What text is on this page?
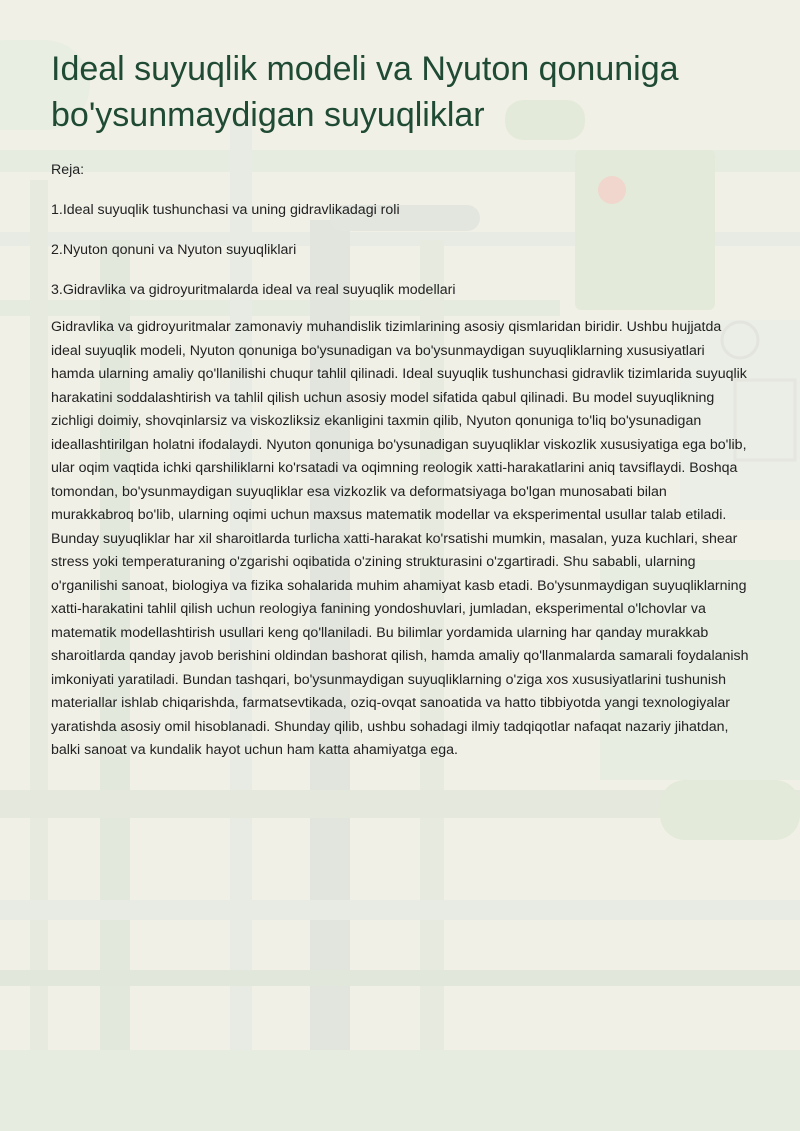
Ideal suyuqlik modeli va Nyuton qonuniga bo'ysunmaydigan suyuqliklar

Reja:

1.Ideal suyuqlik tushunchasi va uning gidravlikadagi roli

2.Nyuton qonuni va Nyuton suyuqliklari

3.Gidravlika va gidroyuritmalarda ideal va real suyuqlik modellari

Gidravlika va gidroyuritmalar zamonaviy muhandislik tizimlarining asosiy qismlaridan biridir. Ushbu hujjatda ideal suyuqlik modeli, Nyuton qonuniga bo'ysunadigan va bo'ysunmaydigan suyuqliklarning xususiyatlari hamda ularning amaliy qo'llanilishi chuqur tahlil qilinadi. Ideal suyuqlik tushunchasi gidravlik tizimlarida suyuqlik harakatini soddalashtirish va tahlil qilish uchun asosiy model sifatida qabul qilinadi. Bu model suyuqlikning zichligi doimiy, shovqinlarsiz va viskozliksiz ekanligini taxmin qilib, Nyuton qonuniga to'liq bo'ysunadigan ideallashtirilgan holatni ifodalaydi. Nyuton qonuniga bo'ysunadigan suyuqliklar viskozlik xususiyatiga ega bo'lib, ular oqim vaqtida ichki qarshiliklarni ko'rsatadi va oqimning reologik xatti-harakatlarini aniq tavsiflaydi. Boshqa tomondan, bo'ysunmaydigan suyuqliklar esa vizkozlik va deformatsiyaga bo'lgan munosabati bilan murakkabroq bo'lib, ularning oqimi uchun maxsus matematik modellar va eksperimental usullar talab etiladi. Bunday suyuqliklar har xil sharoitlarda turlicha xatti-harakat ko'rsatishi mumkin, masalan, yuza kuchlari, shear stress yoki temperaturaning o'zgarishi oqibatida o'zining strukturasini o'zgartiradi. Shu sababli, ularning o'rganilishi sanoat, biologiya va fizika sohalarida muhim ahamiyat kasb etadi. Bo'ysunmaydigan suyuqliklarning xatti-harakatini tahlil qilish uchun reologiya fanining yondoshuvlari, jumladan, eksperimental o'lchovlar va matematik modellashtirish usullari keng qo'llaniladi. Bu bilimlar yordamida ularning har qanday murakkab sharoitlarda qanday javob berishini oldindan bashorat qilish, hamda amaliy qo'llanmalarda samarali foydalanish imkoniyati yaratiladi. Bundan tashqari, bo'ysunmaydigan suyuqliklarning o'ziga xos xususiyatlarini tushunish materiallar ishlab chiqarishda, farmatsevtikada, oziq-ovqat sanoatida va hatto tibbiyotda yangi texnologiyalar yaratishda asosiy omil hisoblanadi. Shunday qilib, ushbu sohadagi ilmiy tadqiqotlar nafaqat nazariy jihatdan, balki sanoat va kundalik hayot uchun ham katta ahamiyatga ega.
